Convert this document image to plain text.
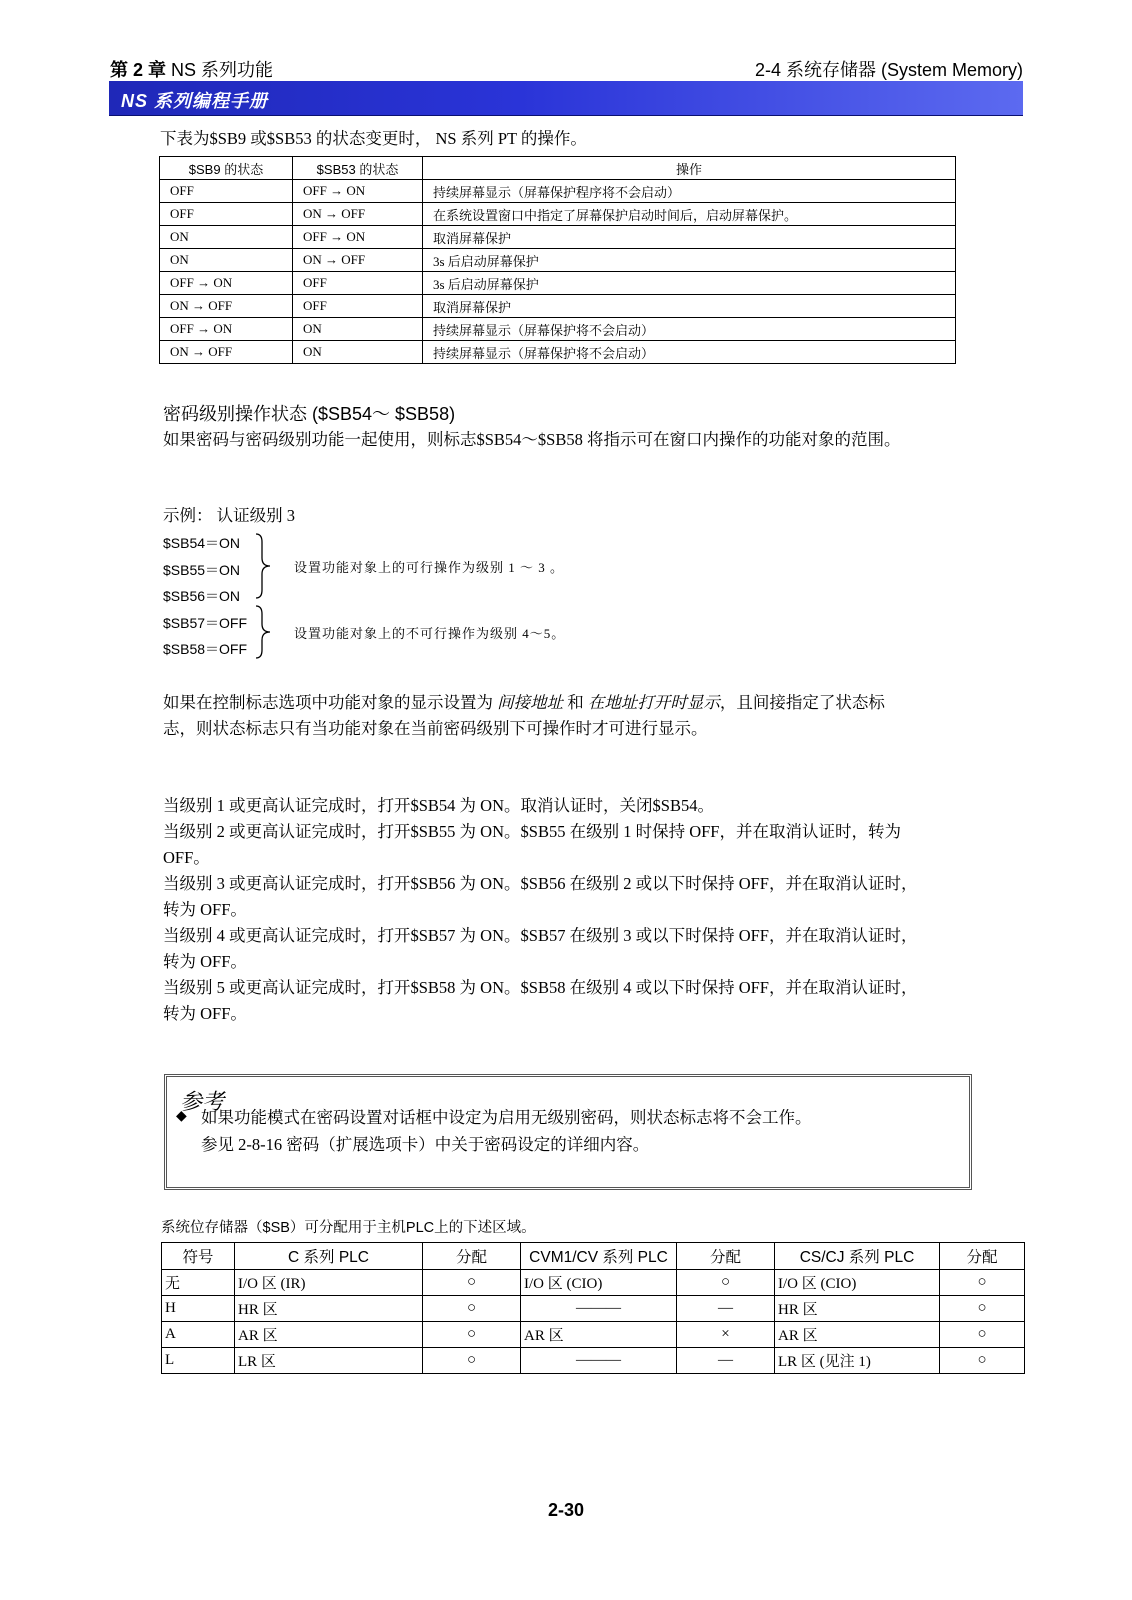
第 2 章 NS 系列功能	2-4 系统存储器 (System Memory)
NS 系列编程手册
下表为$SB9 或$SB53 的状态变更时， NS 系列 PT 的操作。
$SB9 的状态	$SB53 的状态	操作
OFF	OFF → ON	持续屏幕显示（屏幕保护程序将不会启动）
OFF	ON → OFF	在系统设置窗口中指定了屏幕保护启动时间后，启动屏幕保护。
ON	OFF → ON	取消屏幕保护
ON	ON → OFF	3s 后启动屏幕保护
OFF → ON	OFF	3s 后启动屏幕保护
ON → OFF	OFF	取消屏幕保护
OFF → ON	ON	持续屏幕显示（屏幕保护将不会启动）
ON → OFF	ON	持续屏幕显示（屏幕保护将不会启动）
密码级别操作状态 ($SB54～ $SB58)
如果密码与密码级别功能一起使用，则标志$SB54～$SB58 将指示可在窗口内操作的功能对象的范围。
示例： 认证级别 3
$SB54＝ON
$SB55＝ON
$SB56＝ON
$SB57＝OFF
$SB58＝OFF
设置功能对象上的可行操作为级别 1 ～ 3 。
设置功能对象上的不可行操作为级别 4～5。
如果在控制标志选项中功能对象的显示设置为 间接地址 和 在地址打开时显示，且间接指定了状态标
志，则状态标志只有当功能对象在当前密码级别下可操作时才可进行显示。
当级别 1 或更高认证完成时，打开$SB54 为 ON。取消认证时，关闭$SB54。
当级别 2 或更高认证完成时，打开$SB55 为 ON。$SB55 在级别 1 时保持 OFF，并在取消认证时，转为
OFF。
当级别 3 或更高认证完成时，打开$SB56 为 ON。$SB56 在级别 2 或以下时保持 OFF，并在取消认证时，
转为 OFF。
当级别 4 或更高认证完成时，打开$SB57 为 ON。$SB57 在级别 3 或以下时保持 OFF，并在取消认证时，
转为 OFF。
当级别 5 或更高认证完成时，打开$SB58 为 ON。$SB58 在级别 4 或以下时保持 OFF，并在取消认证时，
转为 OFF。
参考
◆ 如果功能模式在密码设置对话框中设定为启用无级别密码，则状态标志将不会工作。
参见 2-8-16 密码（扩展选项卡）中关于密码设定的详细内容。
系统位存储器（$SB）可分配用于主机PLC上的下述区域。
符号	C 系列 PLC	分配	CVM1/CV 系列 PLC	分配	CS/CJ 系列 PLC	分配
无	I/O 区 (IR)	○	I/O 区 (CIO)	○	I/O 区 (CIO)	○
H	HR 区	○	———	—	HR 区	○
A	AR 区	○	AR 区	×	AR 区	○
L	LR 区	○	———	—	LR 区 (见注 1)	○
2-30
